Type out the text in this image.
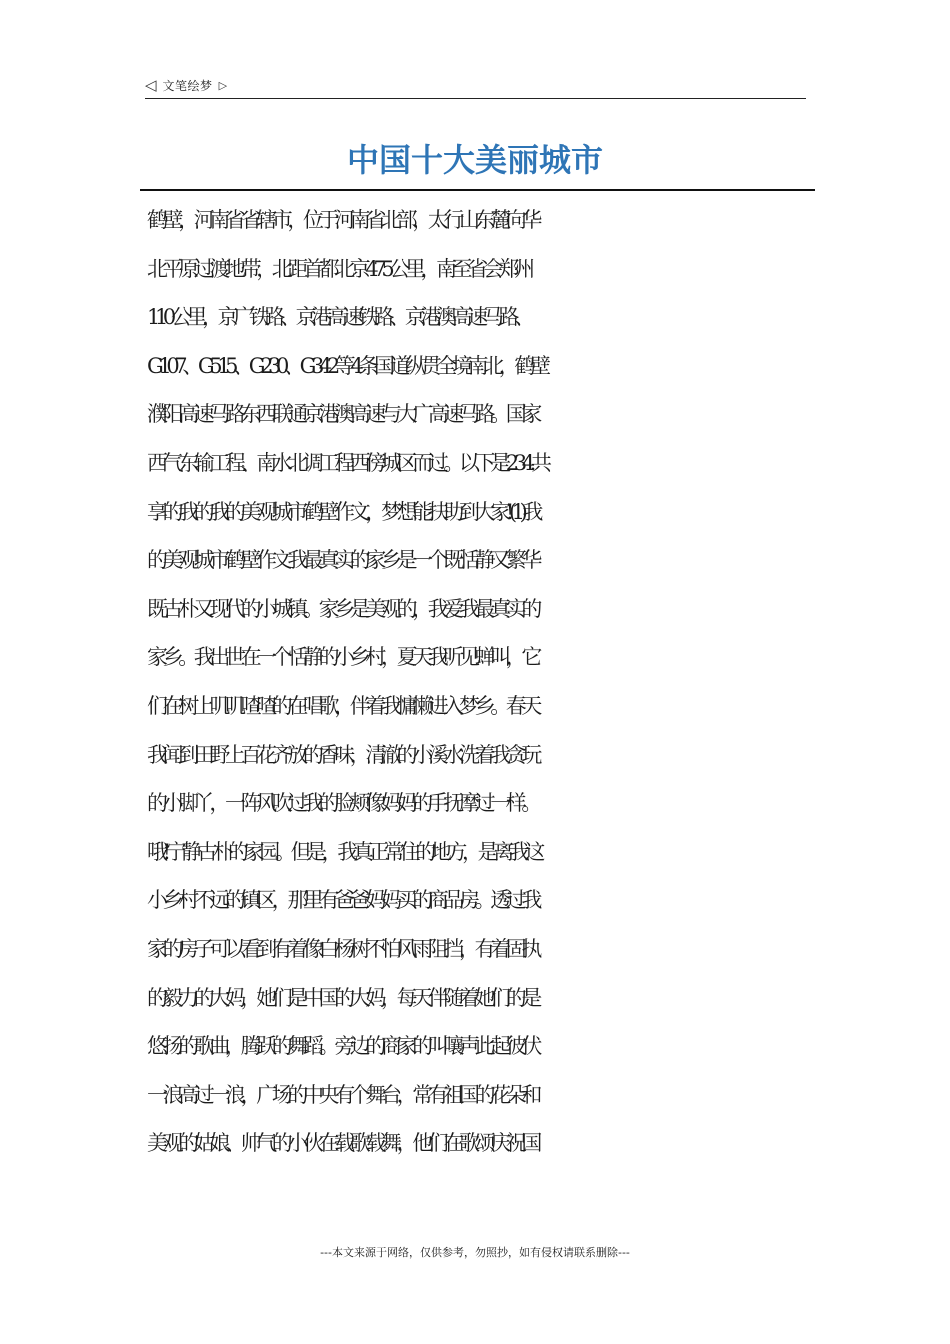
◁ 文笔绘梦 ▷
中国十大美丽城市
鹤壁，河南省省辖市，位于河南省北部，太行山东麓向华
北平原过渡地带，北距首都北京475公里，南至省会郑州
110公里，京广铁路、京港高速铁路、京港澳高速马路、
G107、G515、G230、G342等4条国道纵贯全境南北，鹤壁
濮阳高速马路东西联通京港澳高速与大广高速马路。国家
西气东输工程、南水北调工程西傍城区而过。以下是234.共
享的我的我的美观城市鹤壁作文，梦想能扶助到大家!(1)我
的美观城市鹤壁作文我最真实的家乡是一个既恬静又繁华
既古朴又现代的小城镇。家乡是美观的，我爱我最真实的
家乡。我出世在一个恬静的小乡村，夏天我听见蝉叫，它
们在树上叽叽喳喳的在唱歌，伴着我慵懒进入梦乡。春天
我闻到田野上百花齐放的香味，清澈的小溪水洗着我贪玩
的小脚丫，一阵风吹过我的脸颊像妈妈的手抚摩过一样。
哦!宁静古朴的家园。但是，我真正常住的地方，是离我这
小乡村不远的镇区，那里有爸爸妈妈买的商品房。透过我
家的房子可以看到有着像白杨树不怕风雨阻挡，有着固执
的毅力的大妈，她们是中国的大妈，每天伴随着她们的是
悠扬的歌曲，腾跃的舞蹈。旁边的商家的叫嚷声此起彼伏
一浪高过一浪，广场的中央有个舞台，常有祖国的花朵和
美观的姑娘、帅气的小伙在载歌载舞，他们在歌颂庆祝国
---本文来源于网络，仅供参考，勿照抄，如有侵权请联系删除---
